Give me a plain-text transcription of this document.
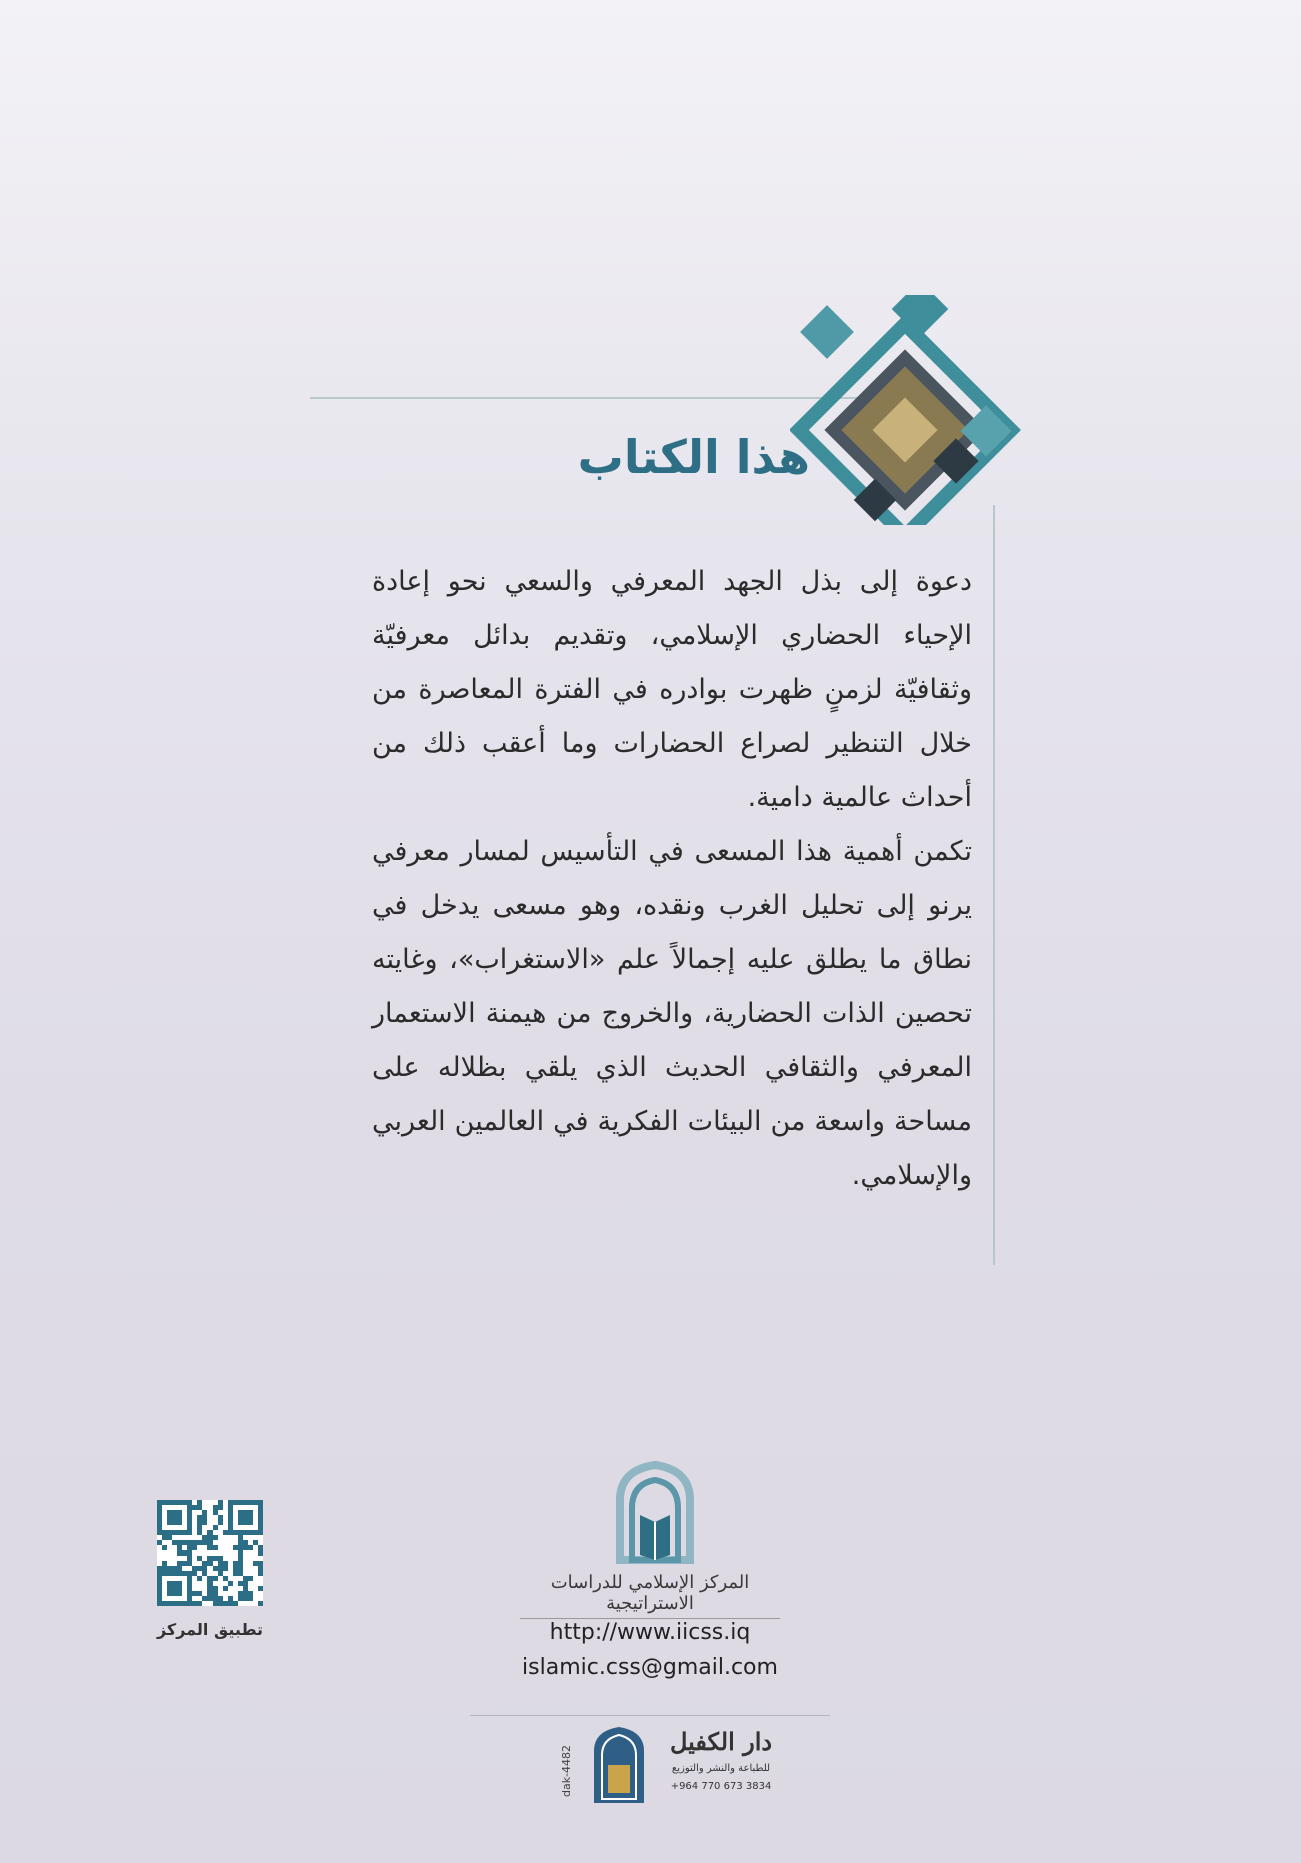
هذا الكتاب

دعوة إلى بذل الجهد المعرفي والسعي نحو إعادة الإحياء الحضاري الإسلامي، وتقديم بدائل معرفيّة وثقافيّة لزمنٍ ظهرت بوادره في الفترة المعاصرة من خلال التنظير لصراع الحضارات وما أعقب ذلك من أحداث عالمية دامية.

تكمن أهمية هذا المسعى في التأسيس لمسار معرفي يرنو إلى تحليل الغرب ونقده، وهو مسعى يدخل في نطاق ما يطلق عليه إجمالاً علم «الاستغراب»، وغايته تحصين الذات الحضارية، والخروج من هيمنة الاستعمار المعرفي والثقافي الحديث الذي يلقي بظلاله على مساحة واسعة من البيئات الفكرية في العالمين العربي والإسلامي.

تطبيق المركز
المركز الإسلامي للدراسات الاستراتيجية
http://www.iicss.iq
islamic.css@gmail.com
dak-4482
دار الكفيل
للطباعة والنشر والتوزيع
+964 770 673 3834
